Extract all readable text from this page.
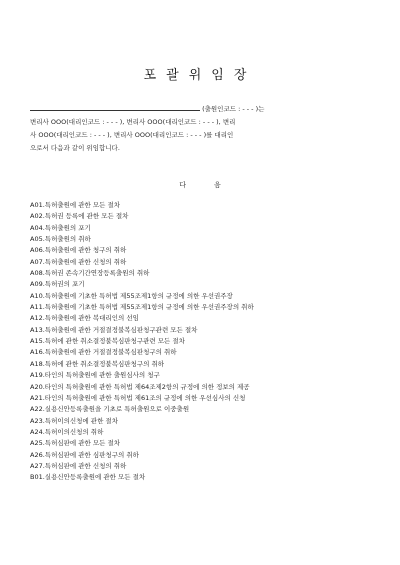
포괄위임장
(출원인코드 : - - - )는
변리사 OOO(대리인코드 : - - - ), 변리사 OOO(대리인코드 : - - - ), 변리
사 OOO(대리인코드 : - - - ), 변리사 OOO(대리인코드 : - - - )를 대리인
으로서 다음과 같이 위임합니다.
다음
A01.특허출원에 관한 모든 절차
A02.특허권 등록에 관한 모든 절차
A04.특허출원의 포기
A05.특허출원의 취하
A06.특허출원에 관한 청구의 취하
A07.특허출원에 관한 신청의 취하
A08.특허권 존속기간연장등록출원의 취하
A09.특허권의 포기
A10.특허출원에 기초한 특허법 제55조제1항의 규정에 의한 우선권주장
A11.특허출원에 기초한 특허법 제55조제1항의 규정에 의한 우선권주장의 취하
A12.특허출원에 관한 복대리인의 선임
A13.특허출원에 관한 거절결정불복심판청구관련 모든 절차
A15.특허에 관한 취소결정불복심판청구관련 모든 절차
A16.특허출원에 관한 거절결정불복심판청구의 취하
A18.특허에 관한 취소결정불복심판청구의 취하
A19.타인의 특허출원에 관한 출원심사의 청구
A20.타인의 특허출원에 관한 특허법 제64조제2항의 규정에 의한 정보의 제공
A21.타인의 특허출원에 관한 특허법 제61조의 규정에 의한 우선심사의 신청
A22.실용신안등록출원을 기초로 특허출원으로 이중출원
A23.특허이의신청에 관한 절차
A24.특허이의신청의 취하
A25.특허심판에 관한 모든 절차
A26.특허심판에 관한 심판청구의 취하
A27.특허심판에 관한 신청의 취하
B01.실용신안등록출원에 관한 모든 절차
